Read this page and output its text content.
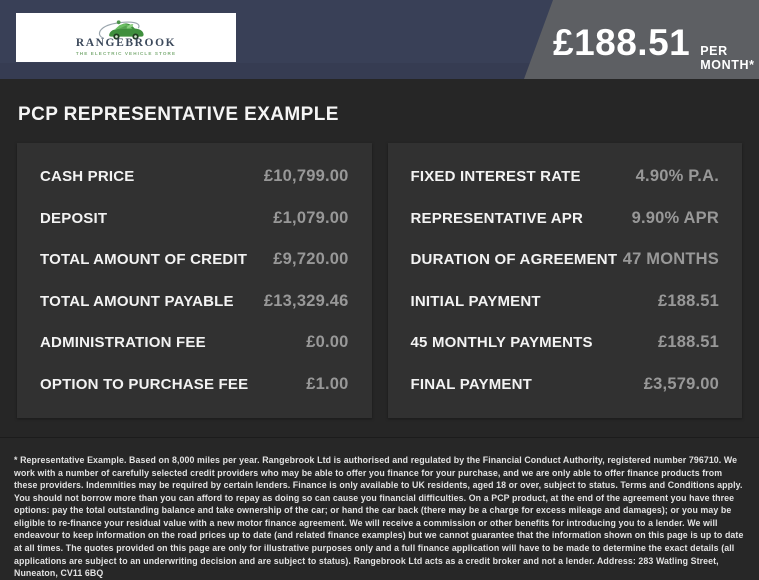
RANGEBROOK
THE ELECTRIC VEHICLE STORE	£188.51 PER MONTH*
PCP REPRESENTATIVE EXAMPLE
CASH PRICE	£10,799.00
DEPOSIT	£1,079.00
TOTAL AMOUNT OF CREDIT £9,720.00
TOTAL AMOUNT PAYABLE £13,329.46
ADMINISTRATION FEE	£0.00
OPTION TO PURCHASE FEE	£1.00
FIXED INTEREST RATE	4.90% P.A.
REPRESENTATIVE APR	9.90% APR
DURATION OF AGREEMENT 47 MONTHS
INITIAL PAYMENT	£188.51
45 MONTHLY PAYMENTS	£188.51
FINAL PAYMENT	£3,579.00

* Representative Example. Based on 8,000 miles per year. Rangebrook Ltd is authorised and regulated by the Financial Conduct Authority, registered number 796710. We work with a number of carefully selected credit providers who may be able to offer you finance for your purchase, and we are only able to offer finance products from these providers. Indemnities may be required by certain lenders. Finance is only available to UK residents, aged 18 or over, subject to status. Terms and Conditions apply. You should not borrow more than you can afford to repay as doing so can cause you financial difficulties. On a PCP product, at the end of the agreement you have three options: pay the total outstanding balance and take ownership of the car; or hand the car back (there may be a charge for excess mileage and damages); or you may be eligible to re-finance your residual value with a new motor finance agreement. We will receive a commission or other benefits for introducing you to a lender. We will endeavour to keep information on the road prices up to date (and related finance examples) but we cannot guarantee that the information shown on this page is up to date at all times. The quotes provided on this page are only for illustrative purposes only and a full finance application will have to be made to determine the exact details (all applications are subject to an underwriting decision and are subject to status). Rangebrook Ltd acts as a credit broker and not a lender. Address: 283 Watling Street, Nuneaton, CV11 6BQ
